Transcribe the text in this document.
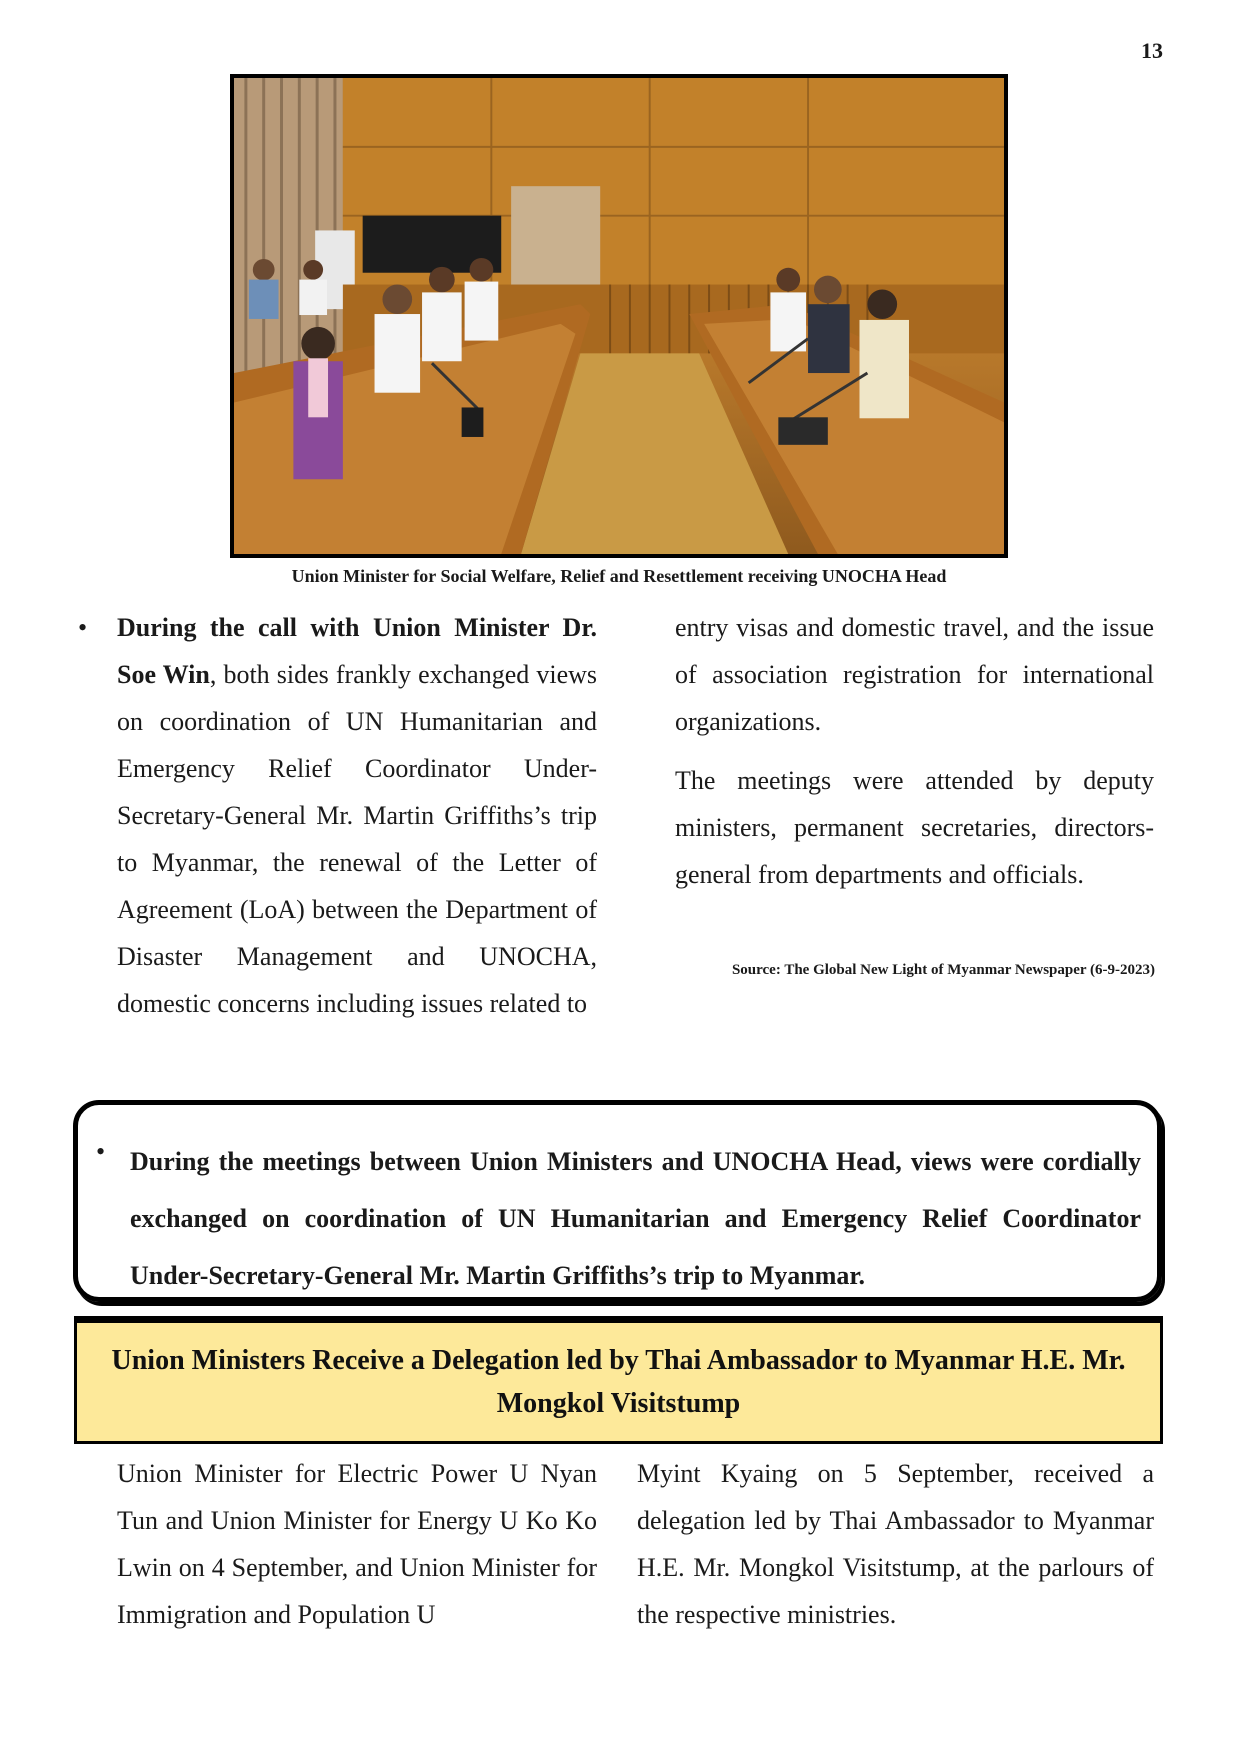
13
Union Minister for Social Welfare, Relief and Resettlement receiving UNOCHA Head
• During the call with Union Minister Dr. Soe Win, both sides frankly exchanged views on coordination of UN Humanitarian and Emergency Relief Coordinator Under-Secretary-General Mr. Martin Griffiths’s trip to Myanmar, the renewal of the Letter of Agreement (LoA) between the Department of Disaster Management and UNOCHA, domestic concerns including issues related to

entry visas and domestic travel, and the issue of association registration for international organizations.

The meetings were attended by deputy ministers, permanent secretaries, directors-general from departments and officials.

Source: The Global New Light of Myanmar Newspaper (6-9-2023)
• During the meetings between Union Ministers and UNOCHA Head, views were cordially exchanged on coordination of UN Humanitarian and Emergency Relief Coordinator Under-Secretary-General Mr. Martin Griffiths’s trip to Myanmar.
Union Ministers Receive a Delegation led by Thai Ambassador to Myanmar H.E. Mr. Mongkol Visitstump

Union Minister for Electric Power U Nyan Tun and Union Minister for Energy U Ko Ko Lwin on 4 September, and Union Minister for Immigration and Population U

Myint Kyaing on 5 September, received a delegation led by Thai Ambassador to Myanmar H.E. Mr. Mongkol Visitstump, at the parlours of the respective ministries.
